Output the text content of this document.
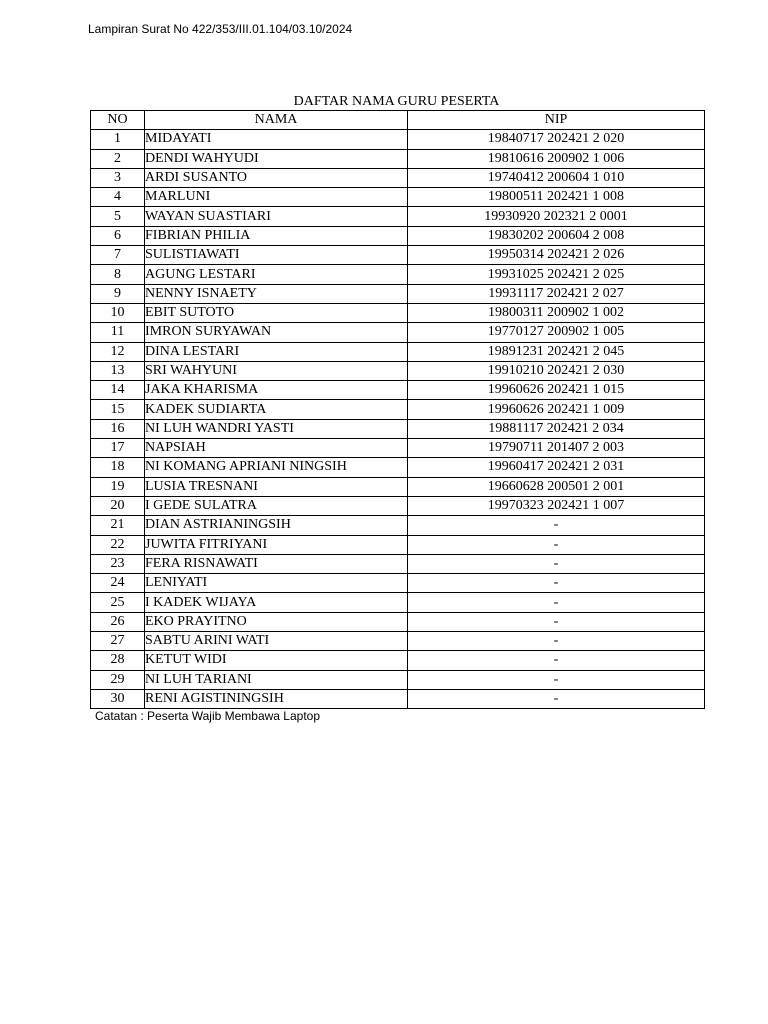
Lampiran Surat No 422/353/III.01.104/03.10/2024
DAFTAR NAMA GURU PESERTA
NO	NAMA	NIP
1	MIDAYATI	19840717 202421 2 020
2	DENDI WAHYUDI	19810616 200902 1 006
3	ARDI SUSANTO	19740412 200604 1 010
4	MARLUNI	19800511 202421 1 008
5	WAYAN SUASTIARI	19930920 202321 2 0001
6	FIBRIAN PHILIA	19830202 200604 2 008
7	SULISTIAWATI	19950314 202421 2 026
8	AGUNG LESTARI	19931025 202421 2 025
9	NENNY ISNAETY	19931117 202421 2 027
10	EBIT SUTOTO	19800311 200902 1 002
11	IMRON SURYAWAN	19770127 200902 1 005
12	DINA LESTARI	19891231 202421 2 045
13	SRI WAHYUNI	19910210 202421 2 030
14	JAKA KHARISMA	19960626 202421 1 015
15	KADEK SUDIARTA	19960626 202421 1 009
16	NI LUH WANDRI YASTI	19881117 202421 2 034
17	NAPSIAH	19790711 201407 2 003
18	NI KOMANG APRIANI NINGSIH	19960417 202421 2 031
19	LUSIA TRESNANI	19660628 200501 2 001
20	I GEDE SULATRA	19970323 202421 1 007
21	DIAN ASTRIANINGSIH	-
22	JUWITA FITRIYANI	-
23	FERA RISNAWATI	-
24	LENIYATI	-
25	I KADEK WIJAYA	-
26	EKO PRAYITNO	-
27	SABTU ARINI WATI	-
28	KETUT WIDI	-
29	NI LUH TARIANI	-
30	RENI AGISTININGSIH	-
Catatan : Peserta Wajib Membawa Laptop
